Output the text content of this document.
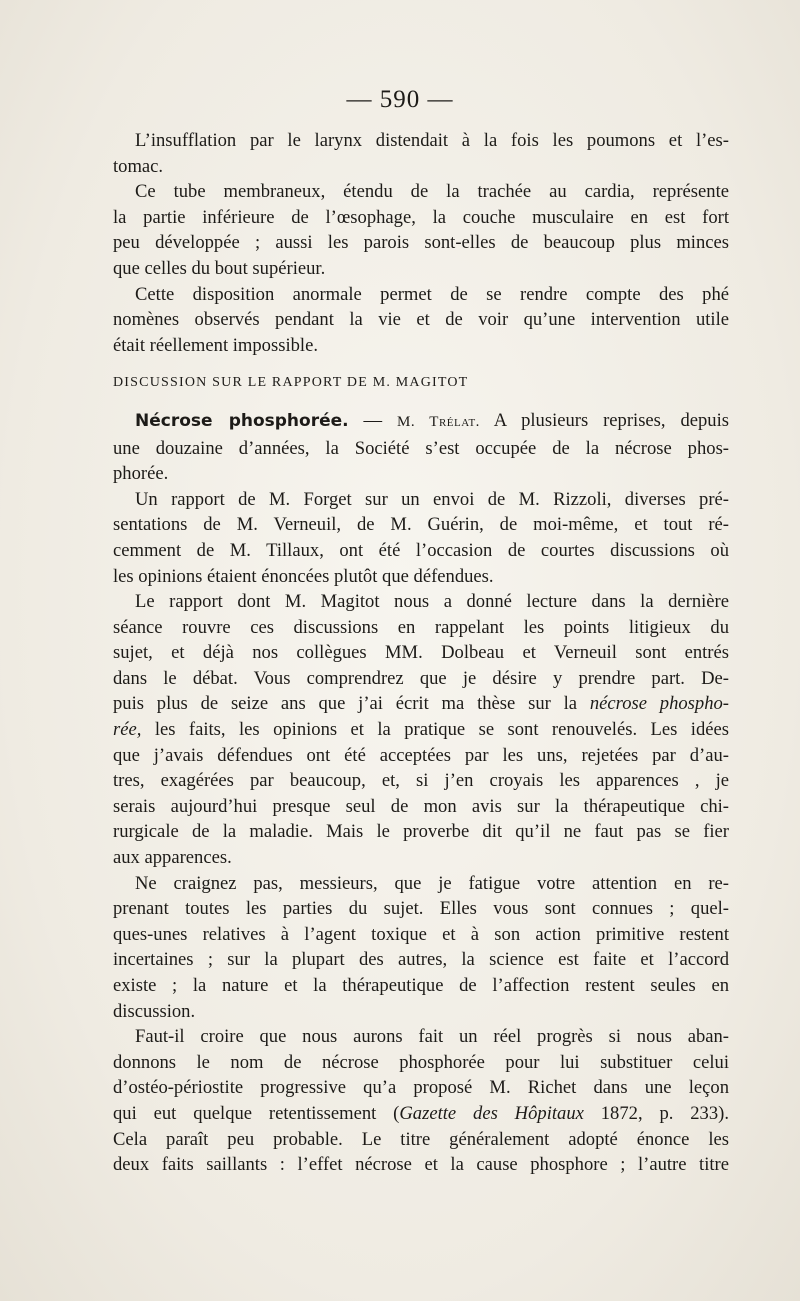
— 590 —
L’insufflation par le larynx distendait à la fois les poumons et l’es-
tomac.
Ce tube membraneux, étendu de la trachée au cardia, représente
la partie inférieure de l’œsophage, la couche musculaire en est fort
peu développée ; aussi les parois sont-elles de beaucoup plus minces
que celles du bout supérieur.
Cette disposition anormale permet de se rendre compte des phé
nomènes observés pendant la vie et de voir qu’une intervention utile
était réellement impossible.
DISCUSSION SUR LE RAPPORT DE M. MAGITOT
Nécrose phosphorée. — M. Trélat. A plusieurs reprises, depuis
une douzaine d’années, la Société s’est occupée de la nécrose phos-
phorée.
Un rapport de M. Forget sur un envoi de M. Rizzoli, diverses pré-
sentations de M. Verneuil, de M. Guérin, de moi-même, et tout ré-
cemment de M. Tillaux, ont été l’occasion de courtes discussions où
les opinions étaient énoncées plutôt que défendues.
Le rapport dont M. Magitot nous a donné lecture dans la dernière
séance rouvre ces discussions en rappelant les points litigieux du
sujet, et déjà nos collègues MM. Dolbeau et Verneuil sont entrés
dans le débat. Vous comprendrez que je désire y prendre part. De-
puis plus de seize ans que j’ai écrit ma thèse sur la nécrose phospho-
rée, les faits, les opinions et la pratique se sont renouvelés. Les idées
que j’avais défendues ont été acceptées par les uns, rejetées par d’au-
tres, exagérées par beaucoup, et, si j’en croyais les apparences , je
serais aujourd’hui presque seul de mon avis sur la thérapeutique chi-
rurgicale de la maladie. Mais le proverbe dit qu’il ne faut pas se fier
aux apparences.
Ne craignez pas, messieurs, que je fatigue votre attention en re-
prenant toutes les parties du sujet. Elles vous sont connues ; quel-
ques-unes relatives à l’agent toxique et à son action primitive restent
incertaines ; sur la plupart des autres, la science est faite et l’accord
existe ; la nature et la thérapeutique de l’affection restent seules en
discussion.
Faut-il croire que nous aurons fait un réel progrès si nous aban-
donnons le nom de nécrose phosphorée pour lui substituer celui
d’ostéo-périostite progressive qu’a proposé M. Richet dans une leçon
qui eut quelque retentissement (Gazette des Hôpitaux 1872, p. 233).
Cela paraît peu probable. Le titre généralement adopté énonce les
deux faits saillants : l’effet nécrose et la cause phosphore ; l’autre titre
